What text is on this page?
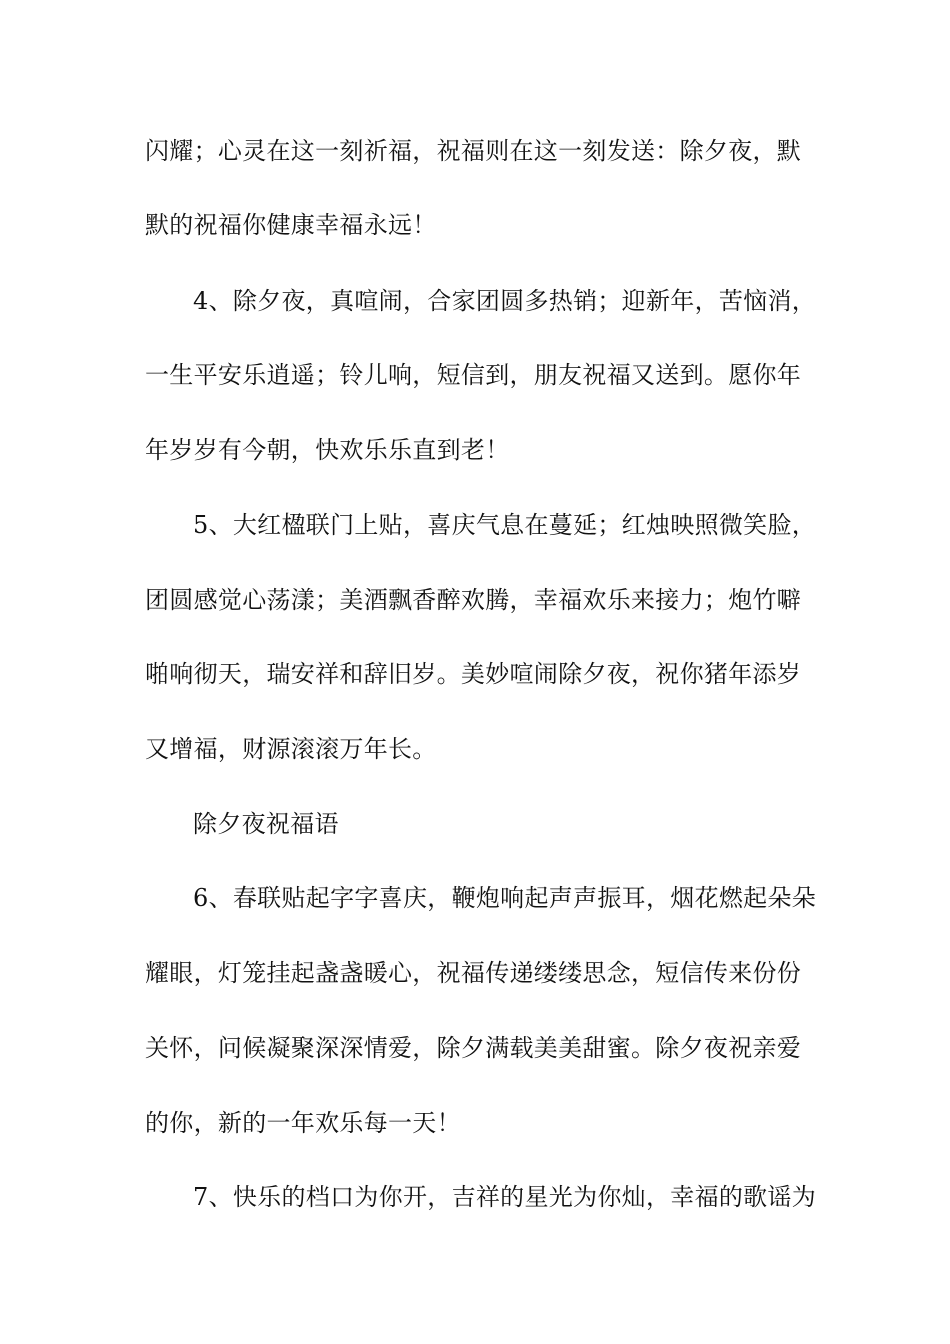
闪耀；心灵在这一刻祈福，祝福则在这一刻发送：除夕夜，默
默的祝福你健康幸福永远！
4、除夕夜，真喧闹，合家团圆多热销；迎新年，苦恼消，
一生平安乐逍遥；铃儿响，短信到，朋友祝福又送到。愿你年
年岁岁有今朝，快欢乐乐直到老！
5、大红楹联门上贴，喜庆气息在蔓延；红烛映照微笑脸，
团圆感觉心荡漾；美酒飘香醉欢腾，幸福欢乐来接力；炮竹噼
啪响彻天，瑞安祥和辞旧岁。美妙喧闹除夕夜，祝你猪年添岁
又增福，财源滚滚万年长。
除夕夜祝福语
6、春联贴起字字喜庆，鞭炮响起声声振耳，烟花燃起朵朵
耀眼，灯笼挂起盏盏暖心，祝福传递缕缕思念，短信传来份份
关怀，问候凝聚深深情爱，除夕满载美美甜蜜。除夕夜祝亲爱
的你，新的一年欢乐每一天！
7、快乐的档口为你开，吉祥的星光为你灿，幸福的歌谣为
